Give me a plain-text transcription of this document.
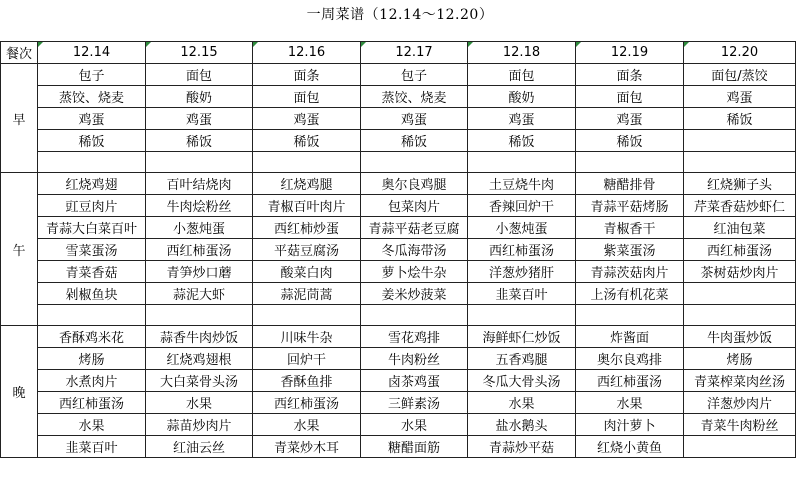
一周菜谱（12.14～12.20）
餐次	12.14	12.15	12.16	12.17	12.18	12.19	12.20
早	包子	面包	面条	包子	面包	面条	面包/蒸饺
	蒸饺、烧麦	酸奶	面包	蒸饺、烧麦	酸奶	面包	鸡蛋
	鸡蛋	鸡蛋	鸡蛋	鸡蛋	鸡蛋	鸡蛋	稀饭
	稀饭	稀饭	稀饭	稀饭	稀饭	稀饭	

午	红烧鸡翅	百叶结烧肉	红烧鸡腿	奥尔良鸡腿	土豆烧牛肉	糖醋排骨	红烧狮子头
	豇豆肉片	牛肉烩粉丝	青椒百叶肉片	包菜肉片	香辣回炉干	青蒜平菇烤肠	芹菜香菇炒虾仁
	青蒜大白菜百叶	小葱炖蛋	西红柿炒蛋	青蒜平菇老豆腐	小葱炖蛋	青椒香干	红油包菜
	雪菜蛋汤	西红柿蛋汤	平菇豆腐汤	冬瓜海带汤	西红柿蛋汤	紫菜蛋汤	西红柿蛋汤
	青菜香菇	青笋炒口蘑	酸菜白肉	萝卜烩牛杂	洋葱炒猪肝	青蒜茨菇肉片	茶树菇炒肉片
	剁椒鱼块	蒜泥大虾	蒜泥茼蒿	姜米炒菠菜	韭菜百叶	上汤有机花菜	

晚	香酥鸡米花	蒜香牛肉炒饭	川味牛杂	雪花鸡排	海鲜虾仁炒饭	炸酱面	牛肉蛋炒饭
	烤肠	红烧鸡翅根	回炉干	牛肉粉丝	五香鸡腿	奥尔良鸡排	烤肠
	水煮肉片	大白菜骨头汤	香酥鱼排	卤茶鸡蛋	冬瓜大骨头汤	西红柿蛋汤	青菜榨菜肉丝汤
	西红柿蛋汤	水果	西红柿蛋汤	三鲜素汤	水果	水果	洋葱炒肉片
	水果	蒜苗炒肉片	水果	水果	盐水鹅头	肉汁萝卜	青菜牛肉粉丝
	韭菜百叶	红油云丝	青菜炒木耳	糖醋面筋	青蒜炒平菇	红烧小黄鱼	
